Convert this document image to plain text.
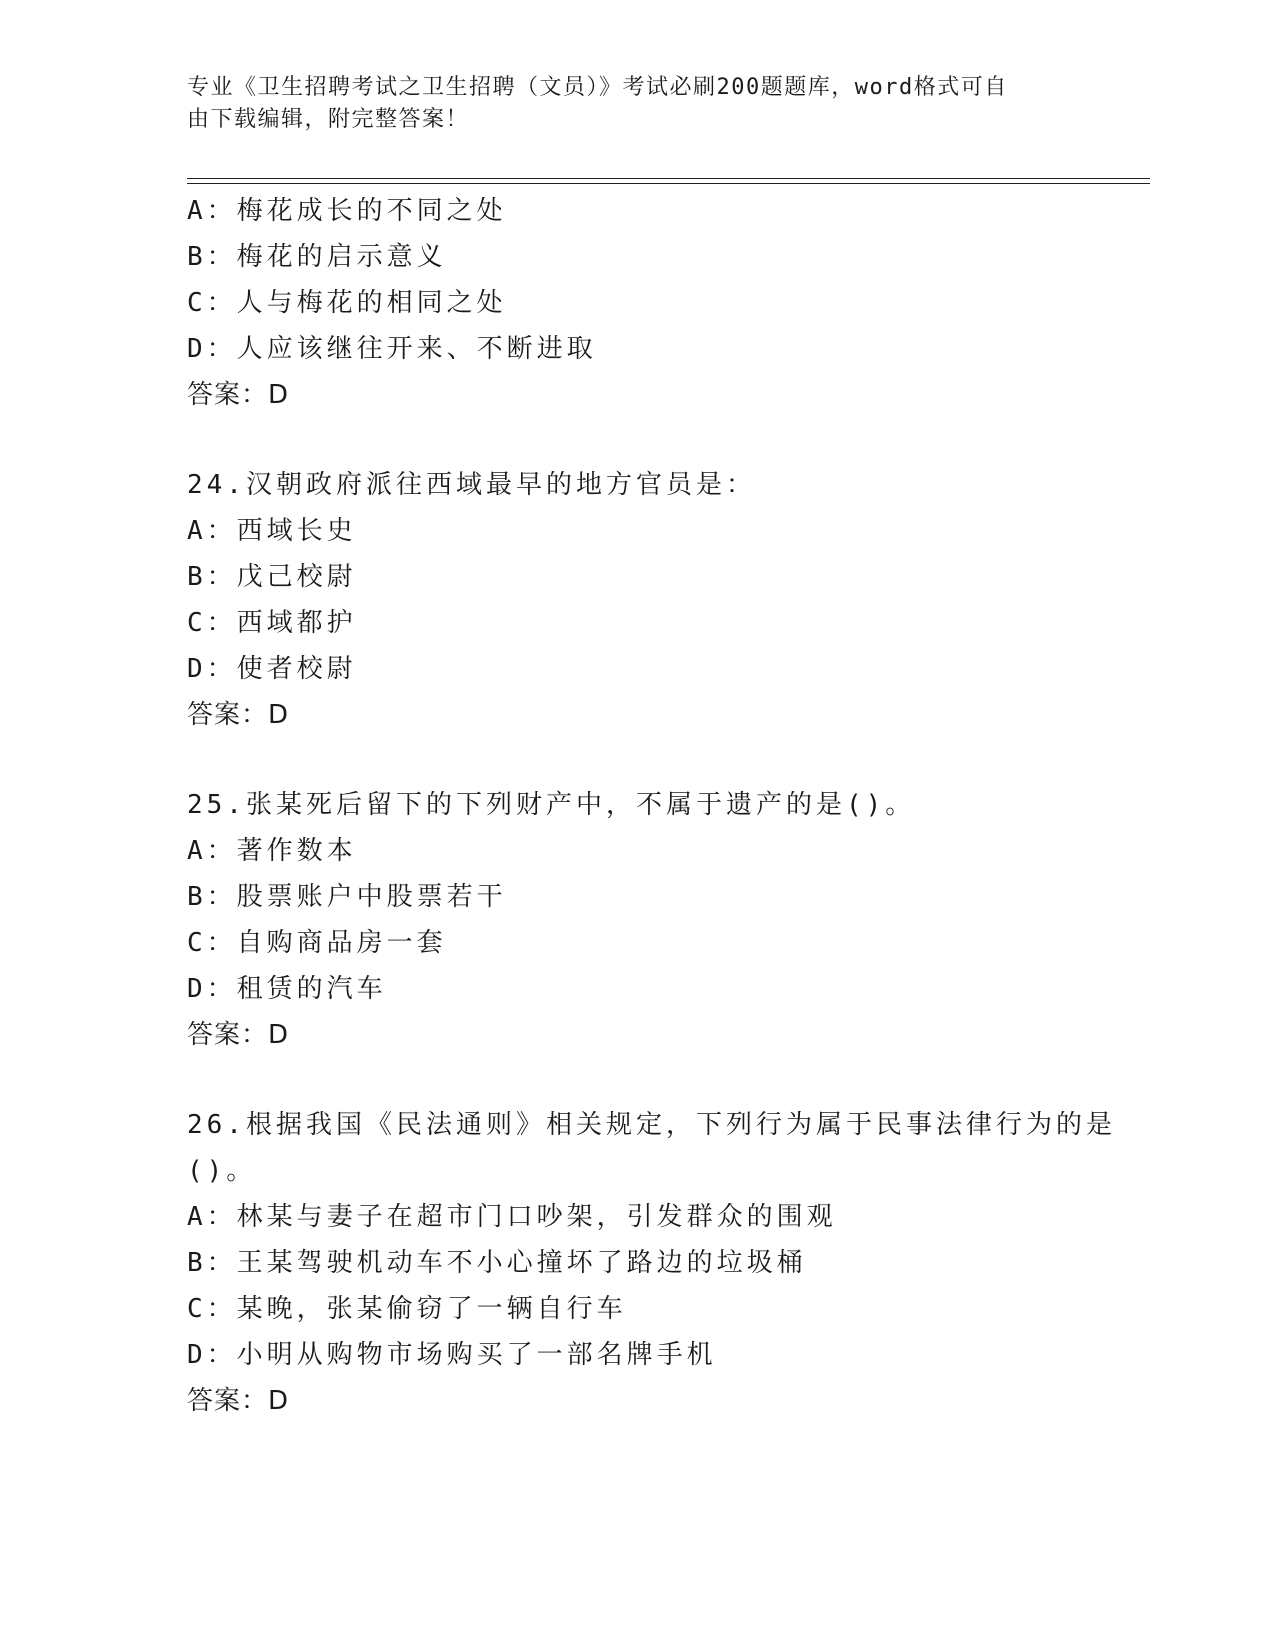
专业《卫生招聘考试之卫生招聘（文员）》考试必刷200题题库，word格式可自
由下载编辑，附完整答案！
A：梅花成长的不同之处
B：梅花的启示意义
C：人与梅花的相同之处
D：人应该继往开来、不断进取
答案：D
24.汉朝政府派往西域最早的地方官员是：
A：西域长史
B：戊己校尉
C：西域都护
D：使者校尉
答案：D
25.张某死后留下的下列财产中，不属于遗产的是()。
A：著作数本
B：股票账户中股票若干
C：自购商品房一套
D：租赁的汽车
答案：D
26.根据我国《民法通则》相关规定，下列行为属于民事法律行为的是
()。
A：林某与妻子在超市门口吵架，引发群众的围观
B：王某驾驶机动车不小心撞坏了路边的垃圾桶
C：某晚，张某偷窃了一辆自行车
D：小明从购物市场购买了一部名牌手机
答案：D
